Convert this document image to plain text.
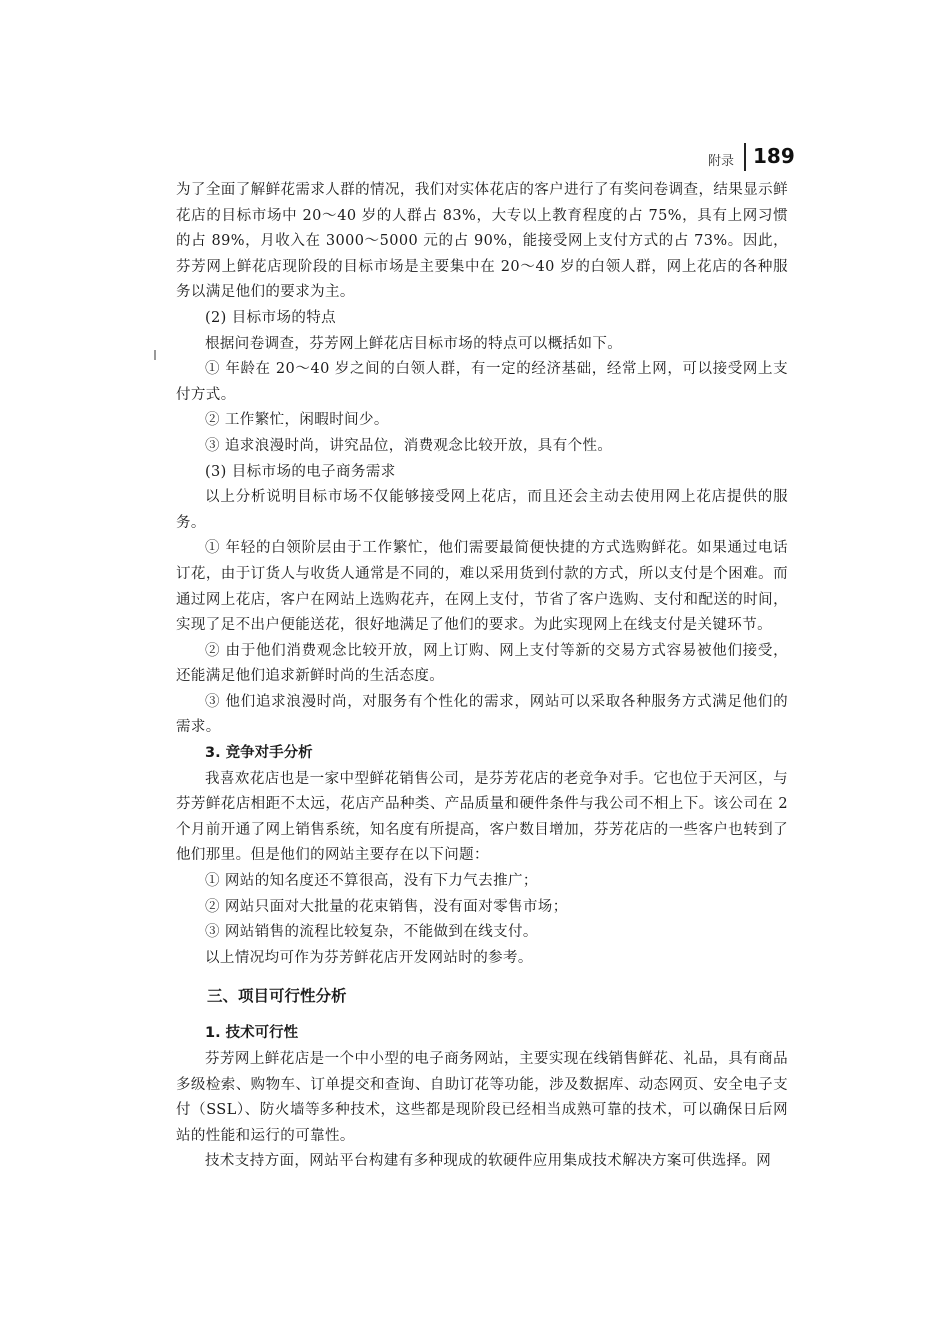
附录 189

为了全面了解鲜花需求人群的情况，我们对实体花店的客户进行了有奖问卷调查，结果显示鲜花店的目标市场中 20～40 岁的人群占 83%，大专以上教育程度的占 75%，具有上网习惯的占 89%，月收入在 3000～5000 元的占 90%，能接受网上支付方式的占 73%。因此，芬芳网上鲜花店现阶段的目标市场是主要集中在 20～40 岁的白领人群，网上花店的各种服务以满足他们的要求为主。

(2) 目标市场的特点

根据问卷调查，芬芳网上鲜花店目标市场的特点可以概括如下。

① 年龄在 20～40 岁之间的白领人群，有一定的经济基础，经常上网，可以接受网上支付方式。

② 工作繁忙，闲暇时间少。

③ 追求浪漫时尚，讲究品位，消费观念比较开放，具有个性。

(3) 目标市场的电子商务需求

以上分析说明目标市场不仅能够接受网上花店，而且还会主动去使用网上花店提供的服务。

① 年轻的白领阶层由于工作繁忙，他们需要最简便快捷的方式选购鲜花。如果通过电话订花，由于订货人与收货人通常是不同的，难以采用货到付款的方式，所以支付是个困难。而通过网上花店，客户在网站上选购花卉，在网上支付，节省了客户选购、支付和配送的时间，实现了足不出户便能送花，很好地满足了他们的要求。为此实现网上在线支付是关键环节。

② 由于他们消费观念比较开放，网上订购、网上支付等新的交易方式容易被他们接受，还能满足他们追求新鲜时尚的生活态度。

③ 他们追求浪漫时尚，对服务有个性化的需求，网站可以采取各种服务方式满足他们的需求。

3. 竞争对手分析

我喜欢花店也是一家中型鲜花销售公司，是芬芳花店的老竞争对手。它也位于天河区，与芬芳鲜花店相距不太远，花店产品种类、产品质量和硬件条件与我公司不相上下。该公司在 2 个月前开通了网上销售系统，知名度有所提高，客户数目增加，芬芳花店的一些客户也转到了他们那里。但是他们的网站主要存在以下问题：

① 网站的知名度还不算很高，没有下力气去推广；

② 网站只面对大批量的花束销售，没有面对零售市场；

③ 网站销售的流程比较复杂，不能做到在线支付。

以上情况均可作为芬芳鲜花店开发网站时的参考。

三、项目可行性分析

1. 技术可行性

芬芳网上鲜花店是一个中小型的电子商务网站，主要实现在线销售鲜花、礼品，具有商品多级检索、购物车、订单提交和查询、自助订花等功能，涉及数据库、动态网页、安全电子支付（SSL）、防火墙等多种技术，这些都是现阶段已经相当成熟可靠的技术，可以确保日后网站的性能和运行的可靠性。

技术支持方面，网站平台构建有多种现成的软硬件应用集成技术解决方案可供选择。网
